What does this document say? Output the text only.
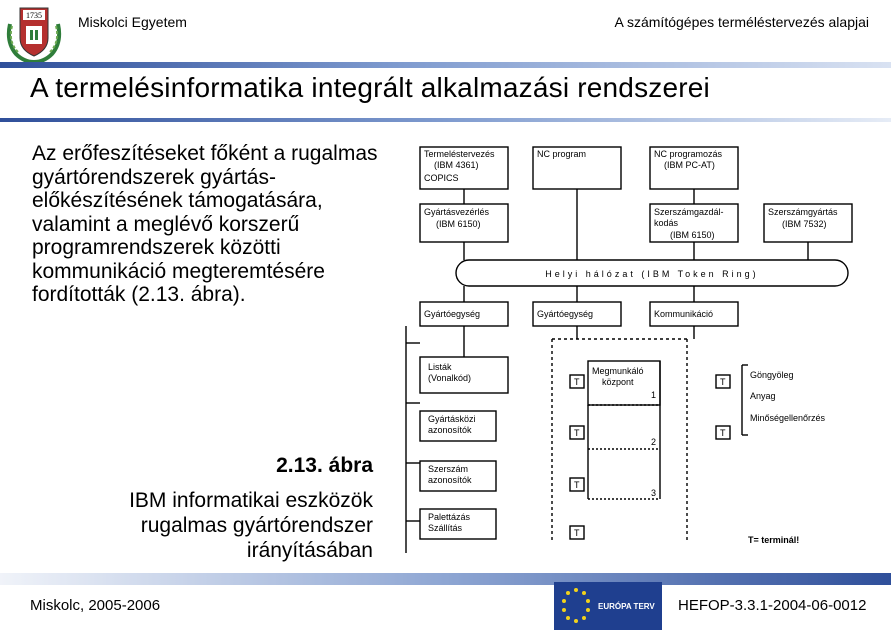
1735	Miskolci Egyetem	A számítógépes terméléstervezés alapjai
A termelésinformatika integrált alkalmazási rendszerei
Az erőfeszítéseket főként a rugalmas gyártórendszerek gyártás-előkészítésének támogatására, valamint a meglévő korszerű programrendszerek közötti kommunikáció megteremtésére fordították (2.13. ábra).
2.13. ábra
IBM informatikai eszközök rugalmas gyártórendszer irányításában
Termeléstervezés
(IBM 4361)
COPICS
NC program	NC programozás
(IBM PC-AT)
Gyártásvezérlés
(IBM 6150)
Szerszámgazdál-
kodás
(IBM 6150)
Szerszámgyártás
(IBM 7532)
Helyi hálózat (IBM Token Ring)
Gyártóegység	Gyártóegység	Kommunikáció
Listák
(Vonalkód)
Gyártásközi
azonosítók
Szerszám
azonosítók
Palettázás
Szállítás
Megmunkáló
központ
1
2
3
T
T
T
T
T
T
Göngyöleg
Anyag
Minőségellenőrzés
T= terminál!
Miskolc, 2005-2006	EURÓPA TERV HEFOP-3.3.1-2004-06-0012
